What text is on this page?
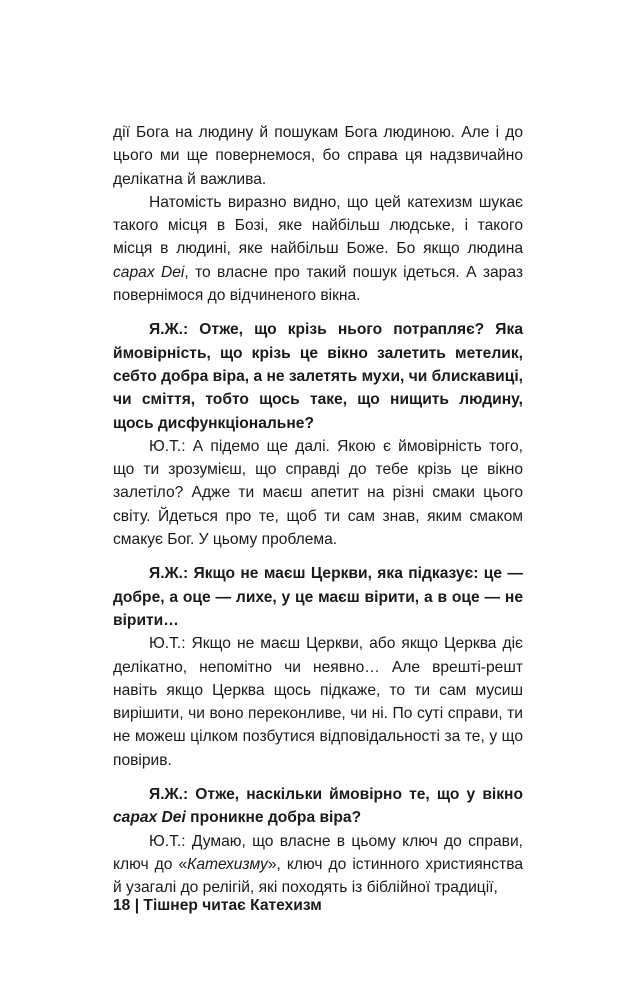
дії Бога на людину й пошукам Бога людиною. Але і до цього ми ще повернемося, бо справа ця надзвичайно делікатна й важлива.

Натомість виразно видно, що цей катехизм шукає такого місця в Бозі, яке найбільш людське, і такого місця в людині, яке найбільш Боже. Бо якщо людина capax Dei, то власне про такий пошук ідеться. А зараз повернімося до відчиненого вікна.

Я.Ж.: Отже, що крізь нього потрапляє? Яка ймовірність, що крізь це вікно залетить метелик, себто добра віра, а не залетять мухи, чи блискавиці, чи сміття, тобто щось таке, що нищить людину, щось дисфункціональне?

Ю.Т.: А підемо ще далі. Якою є ймовірність того, що ти зрозумієш, що справді до тебе крізь це вікно залетіло? Адже ти маєш апетит на різні смаки цього світу. Йдеться про те, щоб ти сам знав, яким смаком смакує Бог. У цьому проблема.

Я.Ж.: Якщо не маєш Церкви, яка підказує: це — добре, а оце — лихе, у це маєш вірити, а в оце — не вірити…

Ю.Т.: Якщо не маєш Церкви, або якщо Церква діє делікатно, непомітно чи неявно… Але врешті-решт навіть якщо Церква щось підкаже, то ти сам мусиш вирішити, чи воно переконливе, чи ні. По суті справи, ти не можеш цілком позбутися відповідальності за те, у що повірив.

Я.Ж.: Отже, наскільки ймовірно те, що у вікно capax Dei проникне добра віра?

Ю.Т.: Думаю, що власне в цьому ключ до справи, ключ до «Катехизму», ключ до істинного християнства й узагалі до релігій, які походять із біблійної традиції,

18 | Тішнер читає Катехизм
